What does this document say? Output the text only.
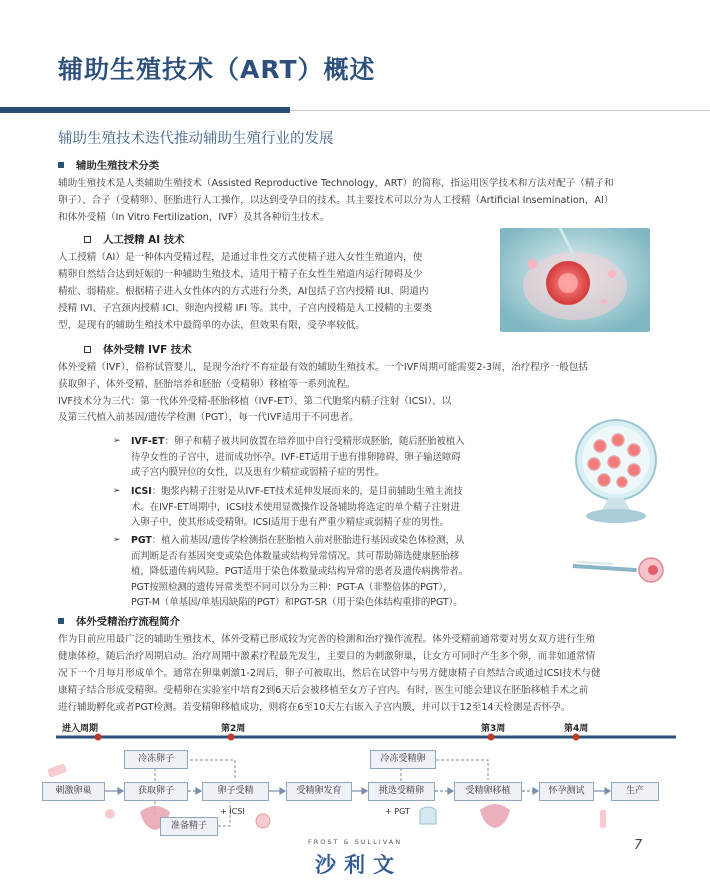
辅助生殖技术（ART）概述
辅助生殖技术迭代推动辅助生殖行业的发展
辅助生殖技术分类
辅助生殖技术是人类辅助生殖技术（Assisted Reproductive Technology，ART）的简称，指运用医学技术和方法对配子（精子和
卵子）、合子（受精卵）、胚胎进行人工操作，以达到受孕目的技术。其主要技术可以分为人工授精（Artificial Insemination，AI）
和体外受精（In Vitro Fertilization，IVF）及其各种衍生技术。
人工授精 AI 技术
人工授精（AI）是一种体内受精过程，是通过非性交方式使精子进入女性生殖道内，使
精卵自然结合达到妊娠的一种辅助生殖技术，适用于精子在女性生殖道内运行障碍及少
精症、弱精症。根据精子进入女性体内的方式进行分类，AI包括子宫内授精 IUI、阴道内
授精 IVI、子宫颈内授精 ICI、卵泡内授精 IFI 等。其中，子宫内授精是人工授精的主要类
型，是现有的辅助生殖技术中最简单的办法，但效果有限，受孕率较低。
体外受精 IVF 技术
体外受精（IVF），俗称试管婴儿，是现今治疗不育症最有效的辅助生殖技术。一个IVF周期可能需要2-3周，治疗程序一般包括
获取卵子、体外受精、胚胎培养和胚胎（受精卵）移植等一系列流程。
IVF技术分为三代：第一代体外受精-胚胎移植（IVF-ET）、第二代胞浆内精子注射（ICSI）、以
及第三代植入前基因/遗传学检测（PGT），每一代IVF适用于不同患者。
➢ IVF-ET：卵子和精子被共同放置在培养皿中自行受精形成胚胎，随后胚胎被植入
待孕女性的子宫中，进而成功怀孕。IVF-ET适用于患有排卵障碍、卵子输送障碍
或子宫内膜异位的女性，以及患有少精症或弱精子症的男性。
➢ ICSI：胞浆内精子注射是从IVF-ET技术延伸发展而来的，是目前辅助生殖主流技
术。在IVF-ET周期中，ICSI技术使用显微操作设备辅助将选定的单个精子注射进
入卵子中，使其形成受精卵。ICSI适用于患有严重少精症或弱精子症的男性。
➢ PGT：植入前基因/遗传学检测指在胚胎植入前对胚胎进行基因或染色体检测，从
而判断是否有基因突变或染色体数量或结构异常情况。其可帮助筛选健康胚胎移
植，降低遗传病风险。PGT适用于染色体数量或结构异常的患者及遗传病携带者。
PGT按照检测的遗传异常类型不同可以分为三种：PGT-A（非整倍体的PGT），
PGT-M（单基因/单基因缺陷的PGT）和PGT-SR（用于染色体结构重排的PGT）。
体外受精治疗流程简介
作为目前应用最广泛的辅助生殖技术，体外受精已形成较为完善的检测和治疗操作流程。体外受精前通常要对男女双方进行生殖
健康体检，随后治疗周期启动。治疗周期中激素疗程最先发生，主要目的为刺激卵巢，让女方可同时产生多个卵，而非如通常情
况下一个月每月形成单个。通常在卵巢刺激1-2周后，卵子可被取出，然后在试管中与男方健康精子自然结合或通过ICSI技术与健
康精子结合形成受精卵。受精卵在实验室中培育2到6天后会被移植至女方子宫内。有时，医生可能会建议在胚胎移植手术之前
进行辅助孵化或者PGT检测。若受精卵移植成功，则将在6至10天左右嵌入子宫内膜，并可以于12至14天检测是否怀孕。
进入周期	第2周	第3周	第4周
冷冻卵子	冷冻受精卵
刺激卵巢	获取卵子	卵子受精	受精卵发育	挑选受精卵	受精卵移植	怀孕测试	生产
准备精子
+ ICSI	+ PGT
FROST & SULLIVAN
沙利文
7
